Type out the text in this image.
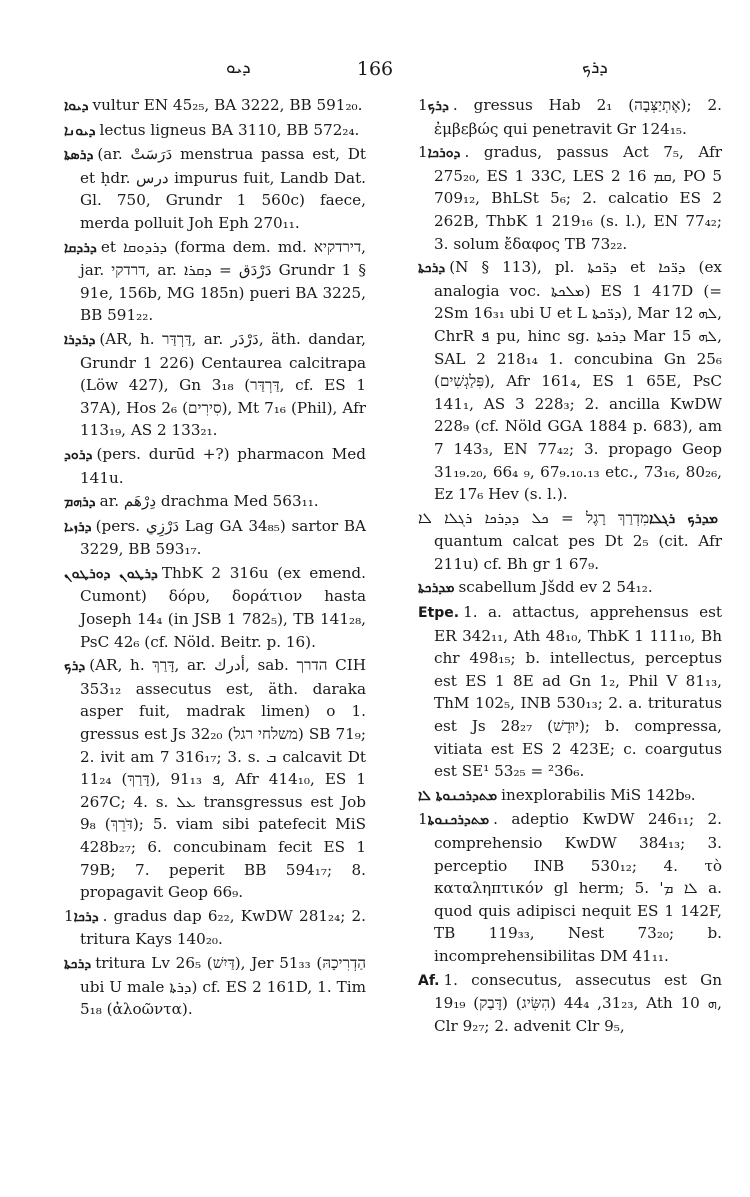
ܕܝܘ	166	ܕܪܟ

ܕܝܘܐ vultur EN 45₂₅, BA 3222, BB 591₂₀.

ܕܝܘܢܐ lectus ligneus BA 3110, BB 572₂₄.

ܕܪܣܬܐ (ar. دَرَسَتْ menstrua passa est, Dt et ḥdr. درس impurus fuit, Landb Dat. Gl. 750, Grundr 1 560c) faece, merda polluit Joh Eph 270₁₁.

ܕܪܕܩܐ et ܕܪܕܘܩܐ (forma dem. md. דירדקיא, jar. דרדקי, ar. دَرْدَق = ܕܩܪܐ Grundr 1 § 91e, 156b, MG 185n) pueri BA 3225, BB 591₂₂.

ܕܪܕܪܐ (AR, h. דַּרְדַּר, ar. دَرْدَر, äth. dandar, Grundr 1 226) Centaurea calcitrapa (Löw 427), Gn 3₁₈ (דַּרְדַּר, cf. ES 1 37A), Hos 2₆ (סִירִים), Mt 7₁₆ (Phil), Afr 113₁₉, AS 2 133₂₁.

ܕܪܘܕ (pers. durūd +?) pharmacon Med 141u.

ܕܪܗܡ ar. دِرْهَم drachma Med 563₁₁.

ܕܪܙܝܐ (pers. دَرْزِي Lag GA 34₈₅) sartor BA 3229, BB 593₁₇.

ܕܪܛܘܢ ܕܘܪܛܘܢ ThbK 2 316u (ex emend. Cumont) δόρυ, δοράτιον hasta Joseph 14₄ (in JSB 1 782₅), TB 141₂₈, PsC 42₆ (cf. Nöld. Beitr. p. 16).

ܕܪܟ (AR, h. דָּרַךְ, ar. أدرك, sab. הדרך CIH 353₁₂ assecutus est, äth. daraka asper fuit, madrak limen) o 1. gressus est Js 32₂₀ (משלחי רגל) SB 71₉; 2. ivit am 7 316₁₇; 3. s. ܒ calcavit Dt 11₂₄ (דָּרַךְ), ܦ 91₁₃, Afr 414₁₀, ES 1 267C; 4. s. ܥܠ transgressus est Job 9₈ (דֹּרֵךְ); 5. viam sibi patefecit MiS 428b₂₇; 6. concubinam fecit ES 1 79B; 7. peperit BB 594₁₇; 8. propagavit Geop 66₉.

ܕܪܟܐ1. gradus dap 6₂₂, KwDW 281₂₄; 2. tritura Kays 140₂₀.

ܕܪܟܬܐ tritura Lv 26₅ (דַּיִשׁ), Jer 51₃₃ (הַדְרִיכָהּ ubi U male ܕܪܬܐ) cf. ES 2 161D, 1. Tim 5₁₈ (ἀλοῶντα).

ܕܪܟ1. gressus Hab 2₁ (אֶתְיַצְּבָה); 2. ἐμβεβώς qui penetravit Gr 124₁₅.

ܕܘܪܟܐ1. gradus, passus Act 7₅, Afr 275₂₀, ES 1 33C, LES 2 ܩܡ 16, PO 5 709₁₂, BhLSt 5₆; 2. calcatio ES 2 262B, ThbK 1 219₁₆ (s. l.), EN 77₄₂; 3. solum ἔδαφος TB 73₂₂.

ܕܪܟܬܐ (N § 113), pl. ܕܪ̈ܟܬܐ et ܕܪ̈ܟܐ (ex analogia voc. ܡܠܟܬܐ) ES 1 417D (= 2Sm 16₃₁ ubi U et L ܕܪ̈ܟܬܐ), Mar ܠܗ 12, ChrR ܦ pu, hinc sg. ܕܪܟܬܐ Mar ܠܗ 15, SAL 2 218₁₄ 1. concubina Gn 25₆ (פִּלַגְשִׁים), Afr 161₄, ES 1 65E, PsC 141₁, AS 3 228₃; 2. ancilla KwDW 228₉ (cf. Nöld GGA 1884 p. 683), am 7 143₃, EN 77₄₂; 3. propago Geop 31₁₉.₂₀, 66₄ ₉, 67₉.₁₀.₁₃ etc., 73₁₆, 80₂₆, Ez 17₆ Hev (s. l.).

ܡܕܪܟ ܪܓܠܐמִדְרַךְ רָגֶל = ܟܠ ܕܕܪܟܐ ܪܓܠܐ ܠܐ quantum calcat pes Dt 2₅ (cit. Afr 211u) cf. Bh gr 1 67₉.

ܡܕܪܟܬܐ scabellum Jšdd ev 2 54₁₂.

Etpe. 1. a. attactus, apprehensus est ER 342₁₁, Ath 48₁₀, ThbK 1 111₁₀, Bh chr 498₁₅; b. intellectus, perceptus est ES 1 8E ad Gn 1₂, Phil V 81₁₃, ThM 102₅, INB 530₁₃; 2. a. trituratus est Js 28₂₇ (יוּדָשׁ); b. compressa, vitiata est ES 2 423E; c. coargutus est SE¹ 53₂₅ = ²36₆.

ܡܬܕܪܟܢܘܬܐ ܠܐ inexplorabilis MiS 142b₉.

ܡܬܕܪܟܢܘܬܐ1. adeptio KwDW 246₁₁; 2. comprehensio KwDW 384₁₃; 3. perceptio INB 530₁₂; 4. τὸ καταληπτικόν gl herm; 5. 'ܠܐ ܡ a. quod quis adipisci nequit ES 1 142F, TB 119₃₃, Nest 73₂₀; b. incomprehensibilitas DM 41₁₁.

Af. 1. consecutus, assecutus est Gn 19₁₉ (דָּבַק) 31₂₃, 44₄ (הִשִּׂיג), Ath ܗ 10, Clr 9₂₇; 2. advenit Clr 9₅,
